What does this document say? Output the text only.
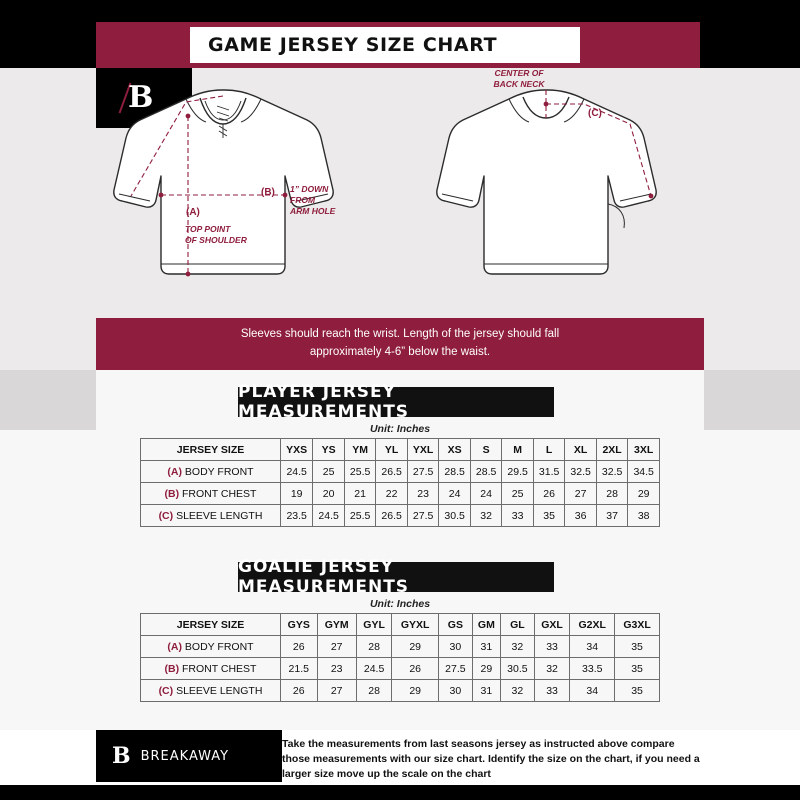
GAME JERSEY SIZE CHART
B
CENTER OF
BACK NECK
1” DOWN
FROM
ARM HOLE
TOP POINT
OF SHOULDER
(A)
(B)
(C)
Sleeves should reach the wrist. Length of the jersey should fall
approximately 4-6” below the waist.
PLAYER JERSEY MEASUREMENTS
Unit: Inches
JERSEY SIZE	YXS	YS	YM	YL	YXL	XS	S	M	L	XL	2XL	3XL
(A) BODY FRONT	24.5	25	25.5	26.5	27.5	28.5	28.5	29.5	31.5	32.5	32.5	34.5
(B) FRONT CHEST	19	20	21	22	23	24	24	25	26	27	28	29
(C) SLEEVE LENGTH	23.5	24.5	25.5	26.5	27.5	30.5	32	33	35	36	37	38
GOALIE JERSEY MEASUREMENTS
Unit: Inches
JERSEY SIZE	GYS	GYM	GYL	GYXL	GS	GM	GL	GXL	G2XL	G3XL
(A) BODY FRONT	26	27	28	29	30	31	32	33	34	35
(B) FRONT CHEST	21.5	23	24.5	26	27.5	29	30.5	32	33.5	35
(C) SLEEVE LENGTH	26	27	28	29	30	31	32	33	34	35
B BREAKAWAY
Take the measurements from last seasons jersey as instructed above compare those measurements with our size chart. Identify the size on the chart, if you need a larger size move up the scale on the chart
